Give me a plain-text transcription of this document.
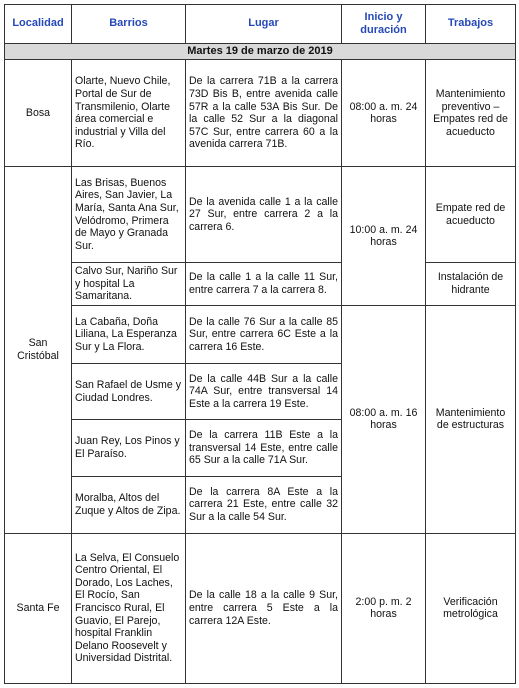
Localidad	Barrios	Lugar	Inicio y duración	Trabajos
Martes 19 de marzo de 2019				
Bosa	Olarte, Nuevo Chile, Portal de Sur de Transmilenio, Olarte área comercial e industrial y Villa del Río.	De la carrera 71B a la carrera 73D Bis B, entre avenida calle 57R a la calle 53A Bis Sur. De la calle 52 Sur a la diagonal 57C Sur, entre carrera 60 a la avenida carrera 71B.	08:00 a. m. 24 horas	Mantenimiento preventivo – Empates red de acueducto
San Cristóbal	Las Brisas, Buenos Aires, San Javier, La María, Santa Ana Sur, Velódromo, Primera de Mayo y Granada Sur.	De la avenida calle 1 a la calle 27 Sur, entre carrera 2 a la carrera 6.	10:00 a. m. 24 horas	Empate red de acueducto
	Calvo Sur, Nariño Sur y hospital La Samaritana.	De la calle 1 a la calle 11 Sur, entre carrera 7 a la carrera 8.		Instalación de hidrante
	La Cabaña, Doña Liliana, La Esperanza Sur y La Flora.	De la calle 76 Sur a la calle 85 Sur, entre carrera 6C Este a la carrera 16 Este.	08:00 a. m. 16 horas	Mantenimiento de estructuras
	San Rafael de Usme y Ciudad Londres.	De la calle 44B Sur a la calle 74A Sur, entre transversal 14 Este a la carrera 19 Este.		
	Juan Rey, Los Pinos y El Paraíso.	De la carrera 11B Este a la transversal 14 Este, entre calle 65 Sur a la calle 71A Sur.		
	Moralba, Altos del Zuque y Altos de Zipa.	De la carrera 8A Este a la carrera 21 Este, entre calle 32 Sur a la calle 54 Sur.		
Santa Fe	La Selva, El Consuelo Centro Oriental, El Dorado, Los Laches, El Rocío, San Francisco Rural, El Guavio, El Parejo, hospital Franklin Delano Roosevelt y Universidad Distrital.	De la calle 18 a la calle 9 Sur, entre carrera 5 Este a la carrera 12A Este.	2:00 p. m. 2 horas	Verificación metrológica
